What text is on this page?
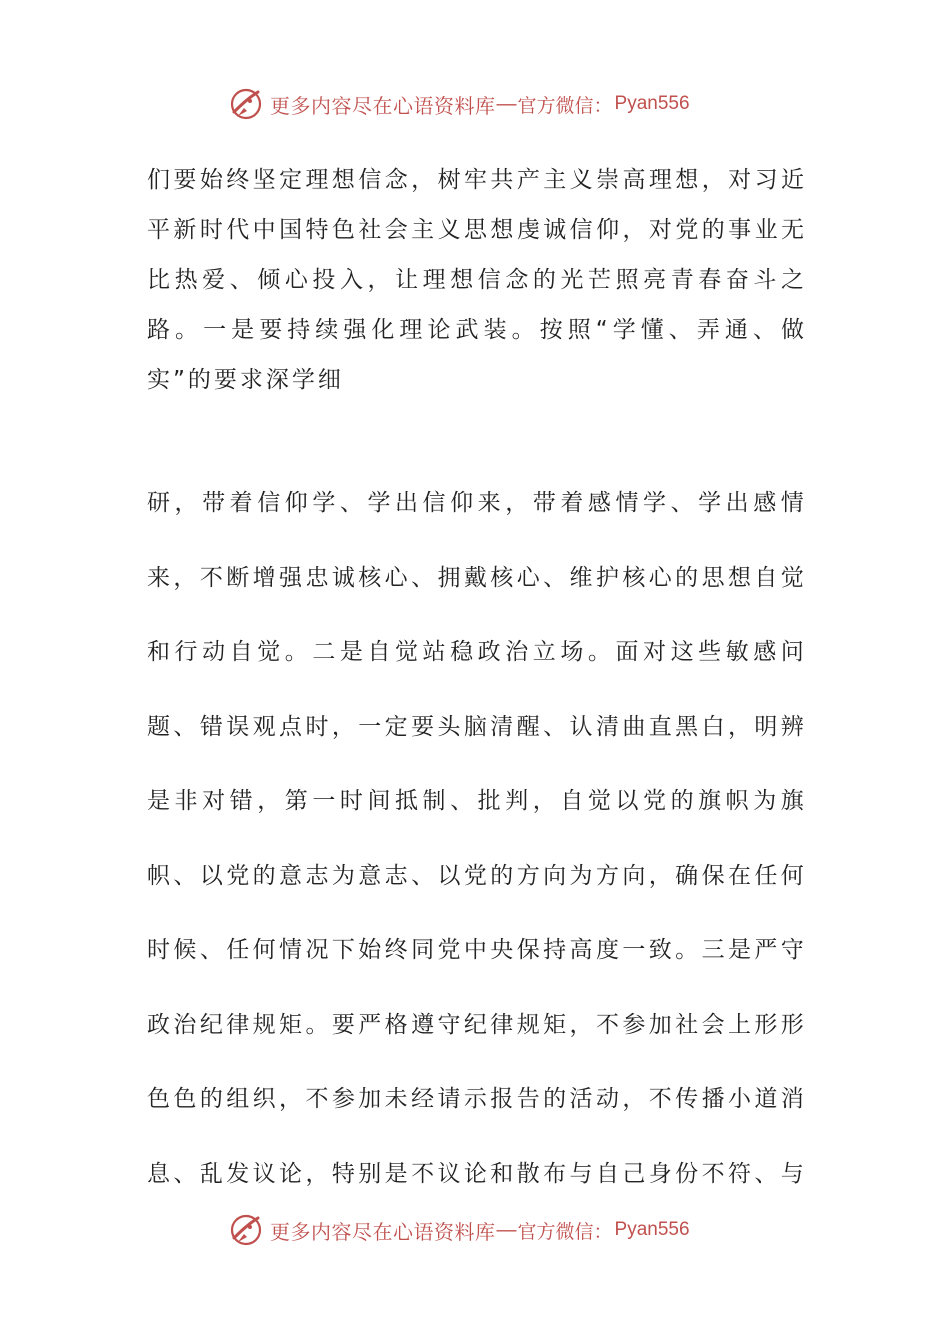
更多内容尽在心语资料库 — 官方微信： Pyan556
们要始终坚定理想信念，树牢共产主义崇高理想，对习近
平新时代中国特色社会主义思想虔诚信仰，对党的事业无
比热爱、倾心投入，让理想信念的光芒照亮青春奋斗之
路。一是要持续强化理论武装。按照“学懂、弄通、做
实”的要求深学细
研，带着信仰学、学出信仰来，带着感情学、学出感情
来，不断增强忠诚核心、拥戴核心、维护核心的思想自觉
和行动自觉。二是自觉站稳政治立场。面对这些敏感问
题、错误观点时，一定要头脑清醒、认清曲直黑白，明辨
是非对错，第一时间抵制、批判，自觉以党的旗帜为旗
帜、以党的意志为意志、以党的方向为方向，确保在任何
时候、任何情况下始终同党中央保持高度一致。三是严守
政治纪律规矩。要严格遵守纪律规矩，不参加社会上形形
色色的组织，不参加未经请示报告的活动，不传播小道消
息、乱发议论，特别是不议论和散布与自己身份不符、与
更多内容尽在心语资料库 — 官方微信： Pyan556
